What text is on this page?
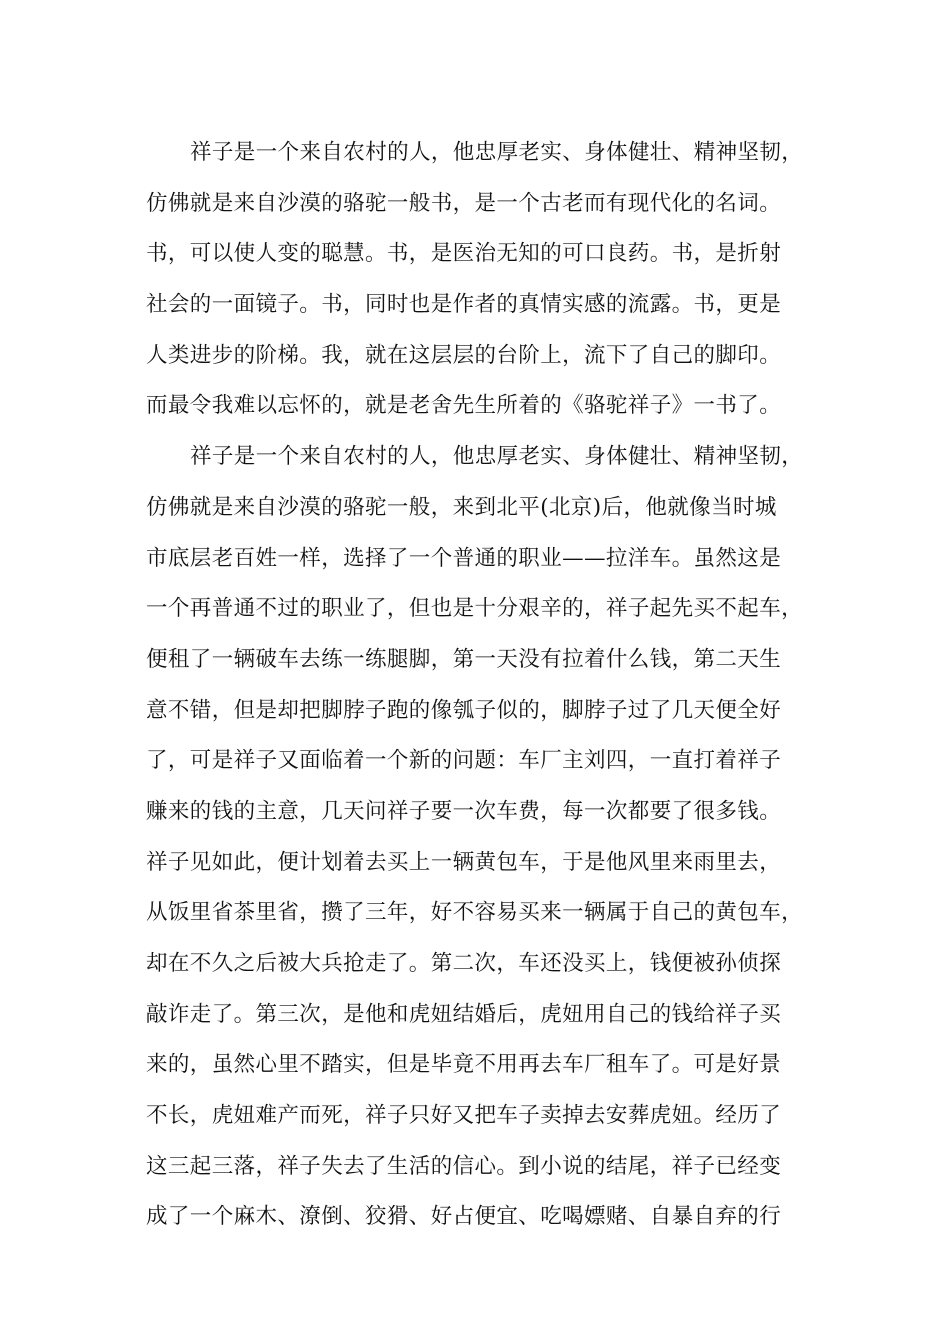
祥子是一个来自农村的人，他忠厚老实、身体健壮、精神坚韧，
仿佛就是来自沙漠的骆驼一般书，是一个古老而有现代化的名词。
书，可以使人变的聪慧。书，是医治无知的可口良药。书，是折射
社会的一面镜子。书，同时也是作者的真情实感的流露。书，更是
人类进步的阶梯。我，就在这层层的台阶上，流下了自己的脚印。
而最令我难以忘怀的，就是老舍先生所着的《骆驼祥子》一书了。
祥子是一个来自农村的人，他忠厚老实、身体健壮、精神坚韧，
仿佛就是来自沙漠的骆驼一般，来到北平(北京)后，他就像当时城
市底层老百姓一样，选择了一个普通的职业——拉洋车。虽然这是
一个再普通不过的职业了，但也是十分艰辛的，祥子起先买不起车，
便租了一辆破车去练一练腿脚，第一天没有拉着什么钱，第二天生
意不错，但是却把脚脖子跑的像瓠子似的，脚脖子过了几天便全好
了，可是祥子又面临着一个新的问题：车厂主刘四，一直打着祥子
赚来的钱的主意，几天问祥子要一次车费，每一次都要了很多钱。
祥子见如此，便计划着去买上一辆黄包车，于是他风里来雨里去，
从饭里省茶里省，攒了三年，好不容易买来一辆属于自己的黄包车，
却在不久之后被大兵抢走了。第二次，车还没买上，钱便被孙侦探
敲诈走了。第三次，是他和虎妞结婚后，虎妞用自己的钱给祥子买
来的，虽然心里不踏实，但是毕竟不用再去车厂租车了。可是好景
不长，虎妞难产而死，祥子只好又把车子卖掉去安葬虎妞。经历了
这三起三落，祥子失去了生活的信心。到小说的结尾，祥子已经变
成了一个麻木、潦倒、狡猾、好占便宜、吃喝嫖赌、自暴自弃的行
